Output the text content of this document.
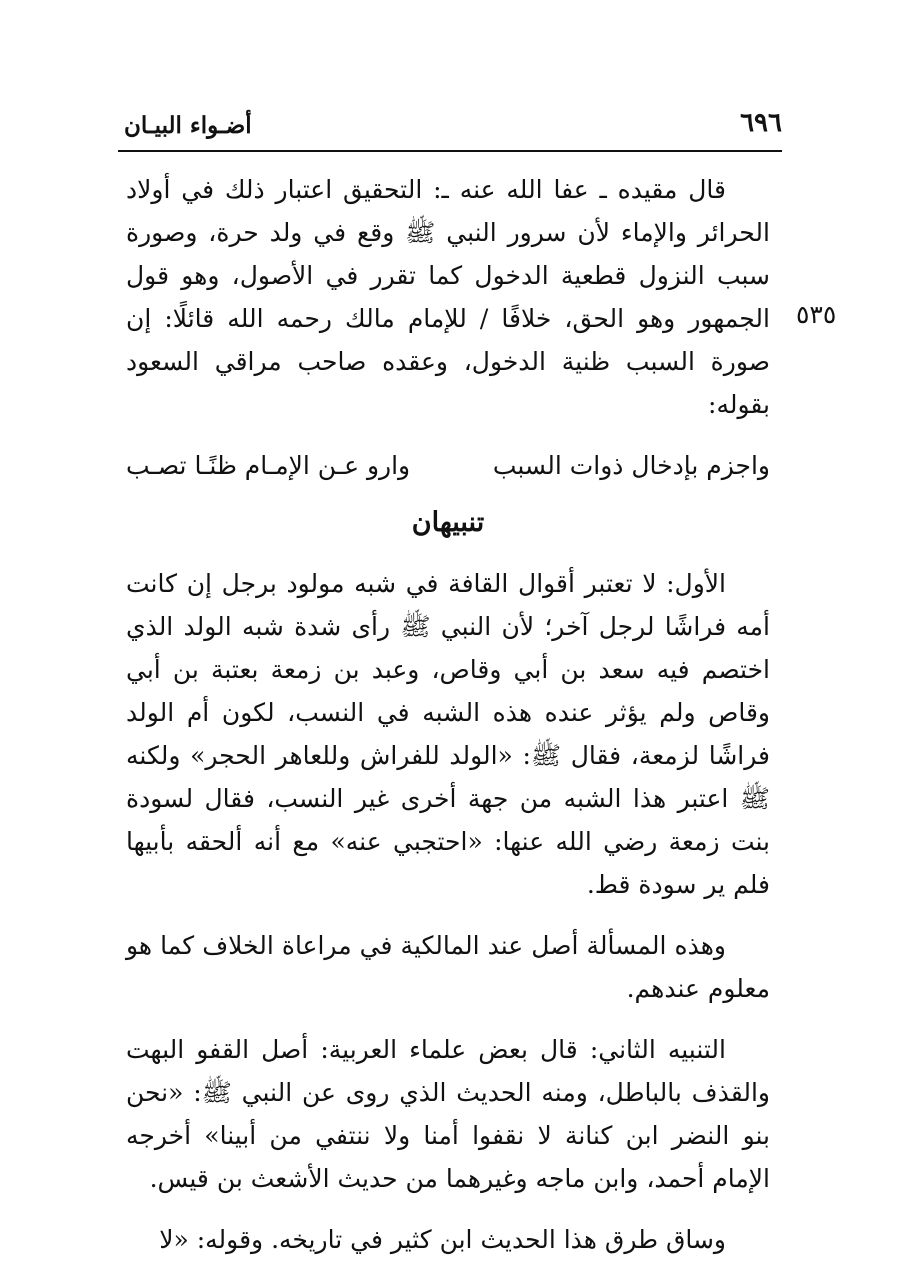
٦٩٦
أضـواء البيـان
٥٣٥

قال مقيده ـ عفا الله عنه ـ: التحقيق اعتبار ذلك في أولاد الحرائر والإماء لأن سرور النبي ﷺ وقع في ولد حرة، وصورة سبب النزول قطعية الدخول كما تقرر في الأصول، وهو قول الجمهور وهو الحق، خلافًا / للإمام مالك رحمه الله قائلًا: إن صورة السبب ظنية الدخول، وعقده صاحب مراقي السعود بقوله:

واجزم بإدخال ذوات السبب
وارو عـن الإمـام ظنًـا تصـب
تنبيهان

الأول: لا تعتبر أقوال القافة في شبه مولود برجل إن كانت أمه فراشًا لرجل آخر؛ لأن النبي ﷺ رأى شدة شبه الولد الذي اختصم فيه سعد بن أبي وقاص، وعبد بن زمعة بعتبة بن أبي وقاص ولم يؤثر عنده هذه الشبه في النسب، لكون أم الولد فراشًا لزمعة، فقال ﷺ: «الولد للفراش وللعاهر الحجر» ولكنه ﷺ اعتبر هذا الشبه من جهة أخرى غير النسب، فقال لسودة بنت زمعة رضي الله عنها: «احتجبي عنه» مع أنه ألحقه بأبيها فلم ير سودة قط.

وهذه المسألة أصل عند المالكية في مراعاة الخلاف كما هو معلوم عندهم.

التنبيه الثاني: قال بعض علماء العربية: أصل القفو البهت والقذف بالباطل، ومنه الحديث الذي روى عن النبي ﷺ: «نحن بنو النضر ابن كنانة لا نقفوا أمنا ولا ننتفي من أبينا» أخرجه الإمام أحمد، وابن ماجه وغيرهما من حديث الأشعث بن قيس.

وساق طرق هذا الحديث ابن كثير في تاريخه. وقوله: «لا
